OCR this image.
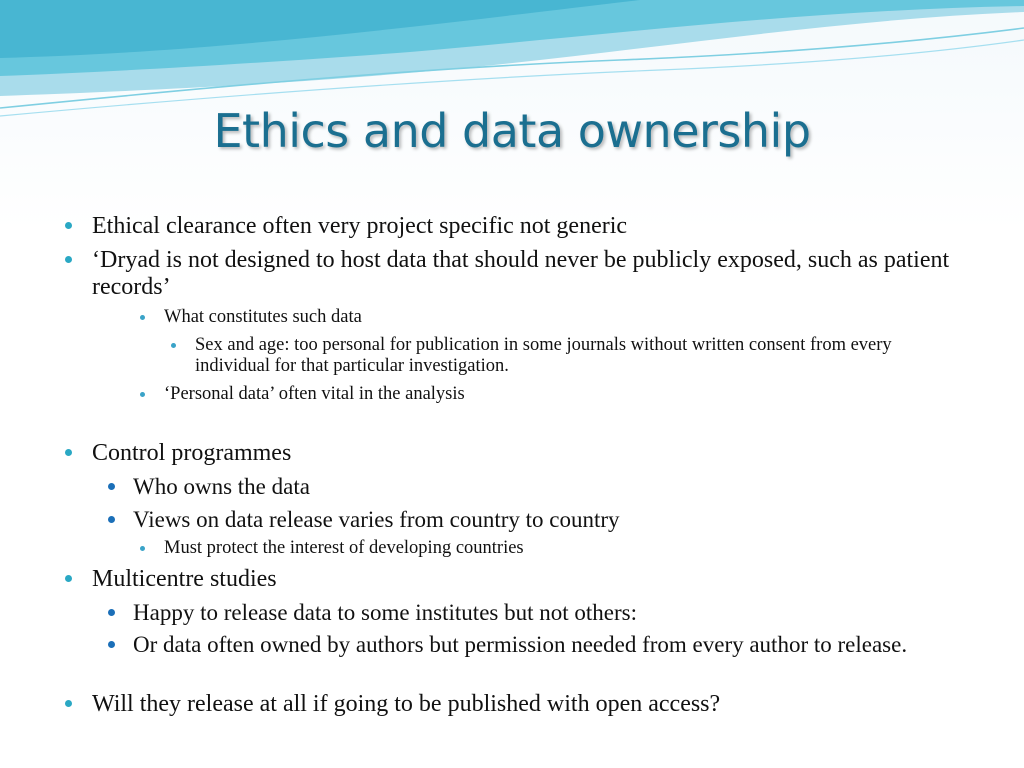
Ethics and data ownership
Ethical clearance often very project specific not generic
‘Dryad is not designed to host data that should never be publicly exposed, such as patient records’
What constitutes such data
Sex and age: too personal for publication in some journals without written consent from every individual for that particular investigation.
‘Personal data’ often vital in the analysis
Control programmes
Who owns the data
Views on data release varies from country to country
Must protect the interest of developing countries
Multicentre studies
Happy to release data to some institutes but not others:
Or data often owned by authors but permission needed from every author to release.
Will they release at all if going to be published with open access?
